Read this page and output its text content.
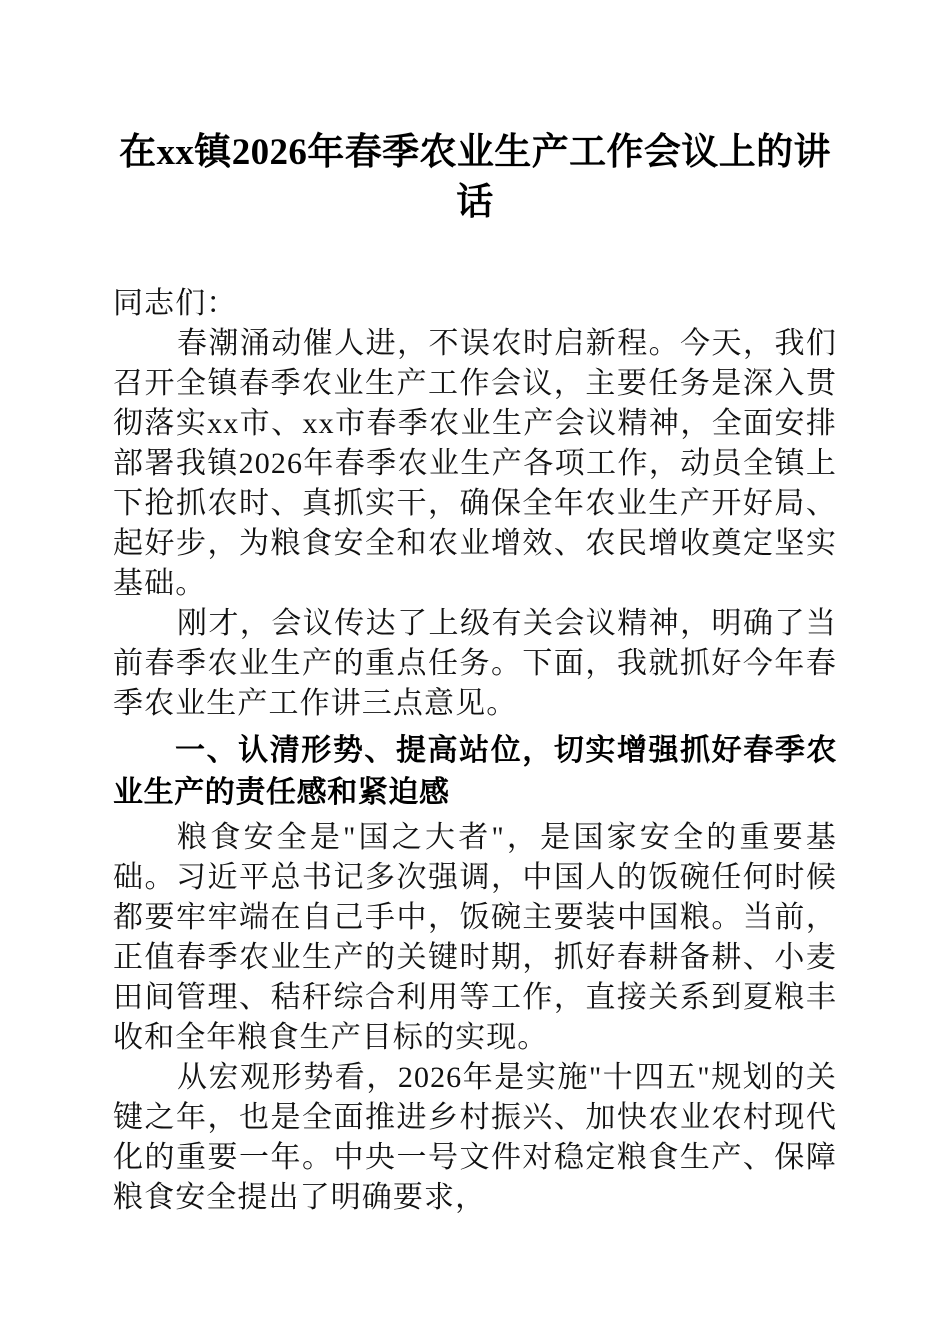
在xx镇2026年春季农业生产工作会议上的讲话

同志们：

春潮涌动催人进，不误农时启新程。今天，我们召开全镇春季农业生产工作会议，主要任务是深入贯彻落实xx市、xx市春季农业生产会议精神，全面安排部署我镇2026年春季农业生产各项工作，动员全镇上下抢抓农时、真抓实干，确保全年农业生产开好局、起好步，为粮食安全和农业增效、农民增收奠定坚实基础。

刚才，会议传达了上级有关会议精神，明确了当前春季农业生产的重点任务。下面，我就抓好今年春季农业生产工作讲三点意见。

一、认清形势、提高站位，切实增强抓好春季农业生产的责任感和紧迫感

粮食安全是"国之大者"，是国家安全的重要基础。习近平总书记多次强调，中国人的饭碗任何时候都要牢牢端在自己手中，饭碗主要装中国粮。当前，正值春季农业生产的关键时期，抓好春耕备耕、小麦田间管理、秸秆综合利用等工作，直接关系到夏粮丰收和全年粮食生产目标的实现。

从宏观形势看，2026年是实施"十四五"规划的关键之年，也是全面推进乡村振兴、加快农业农村现代化的重要一年。中央一号文件对稳定粮食生产、保障粮食安全提出了明确要求，
